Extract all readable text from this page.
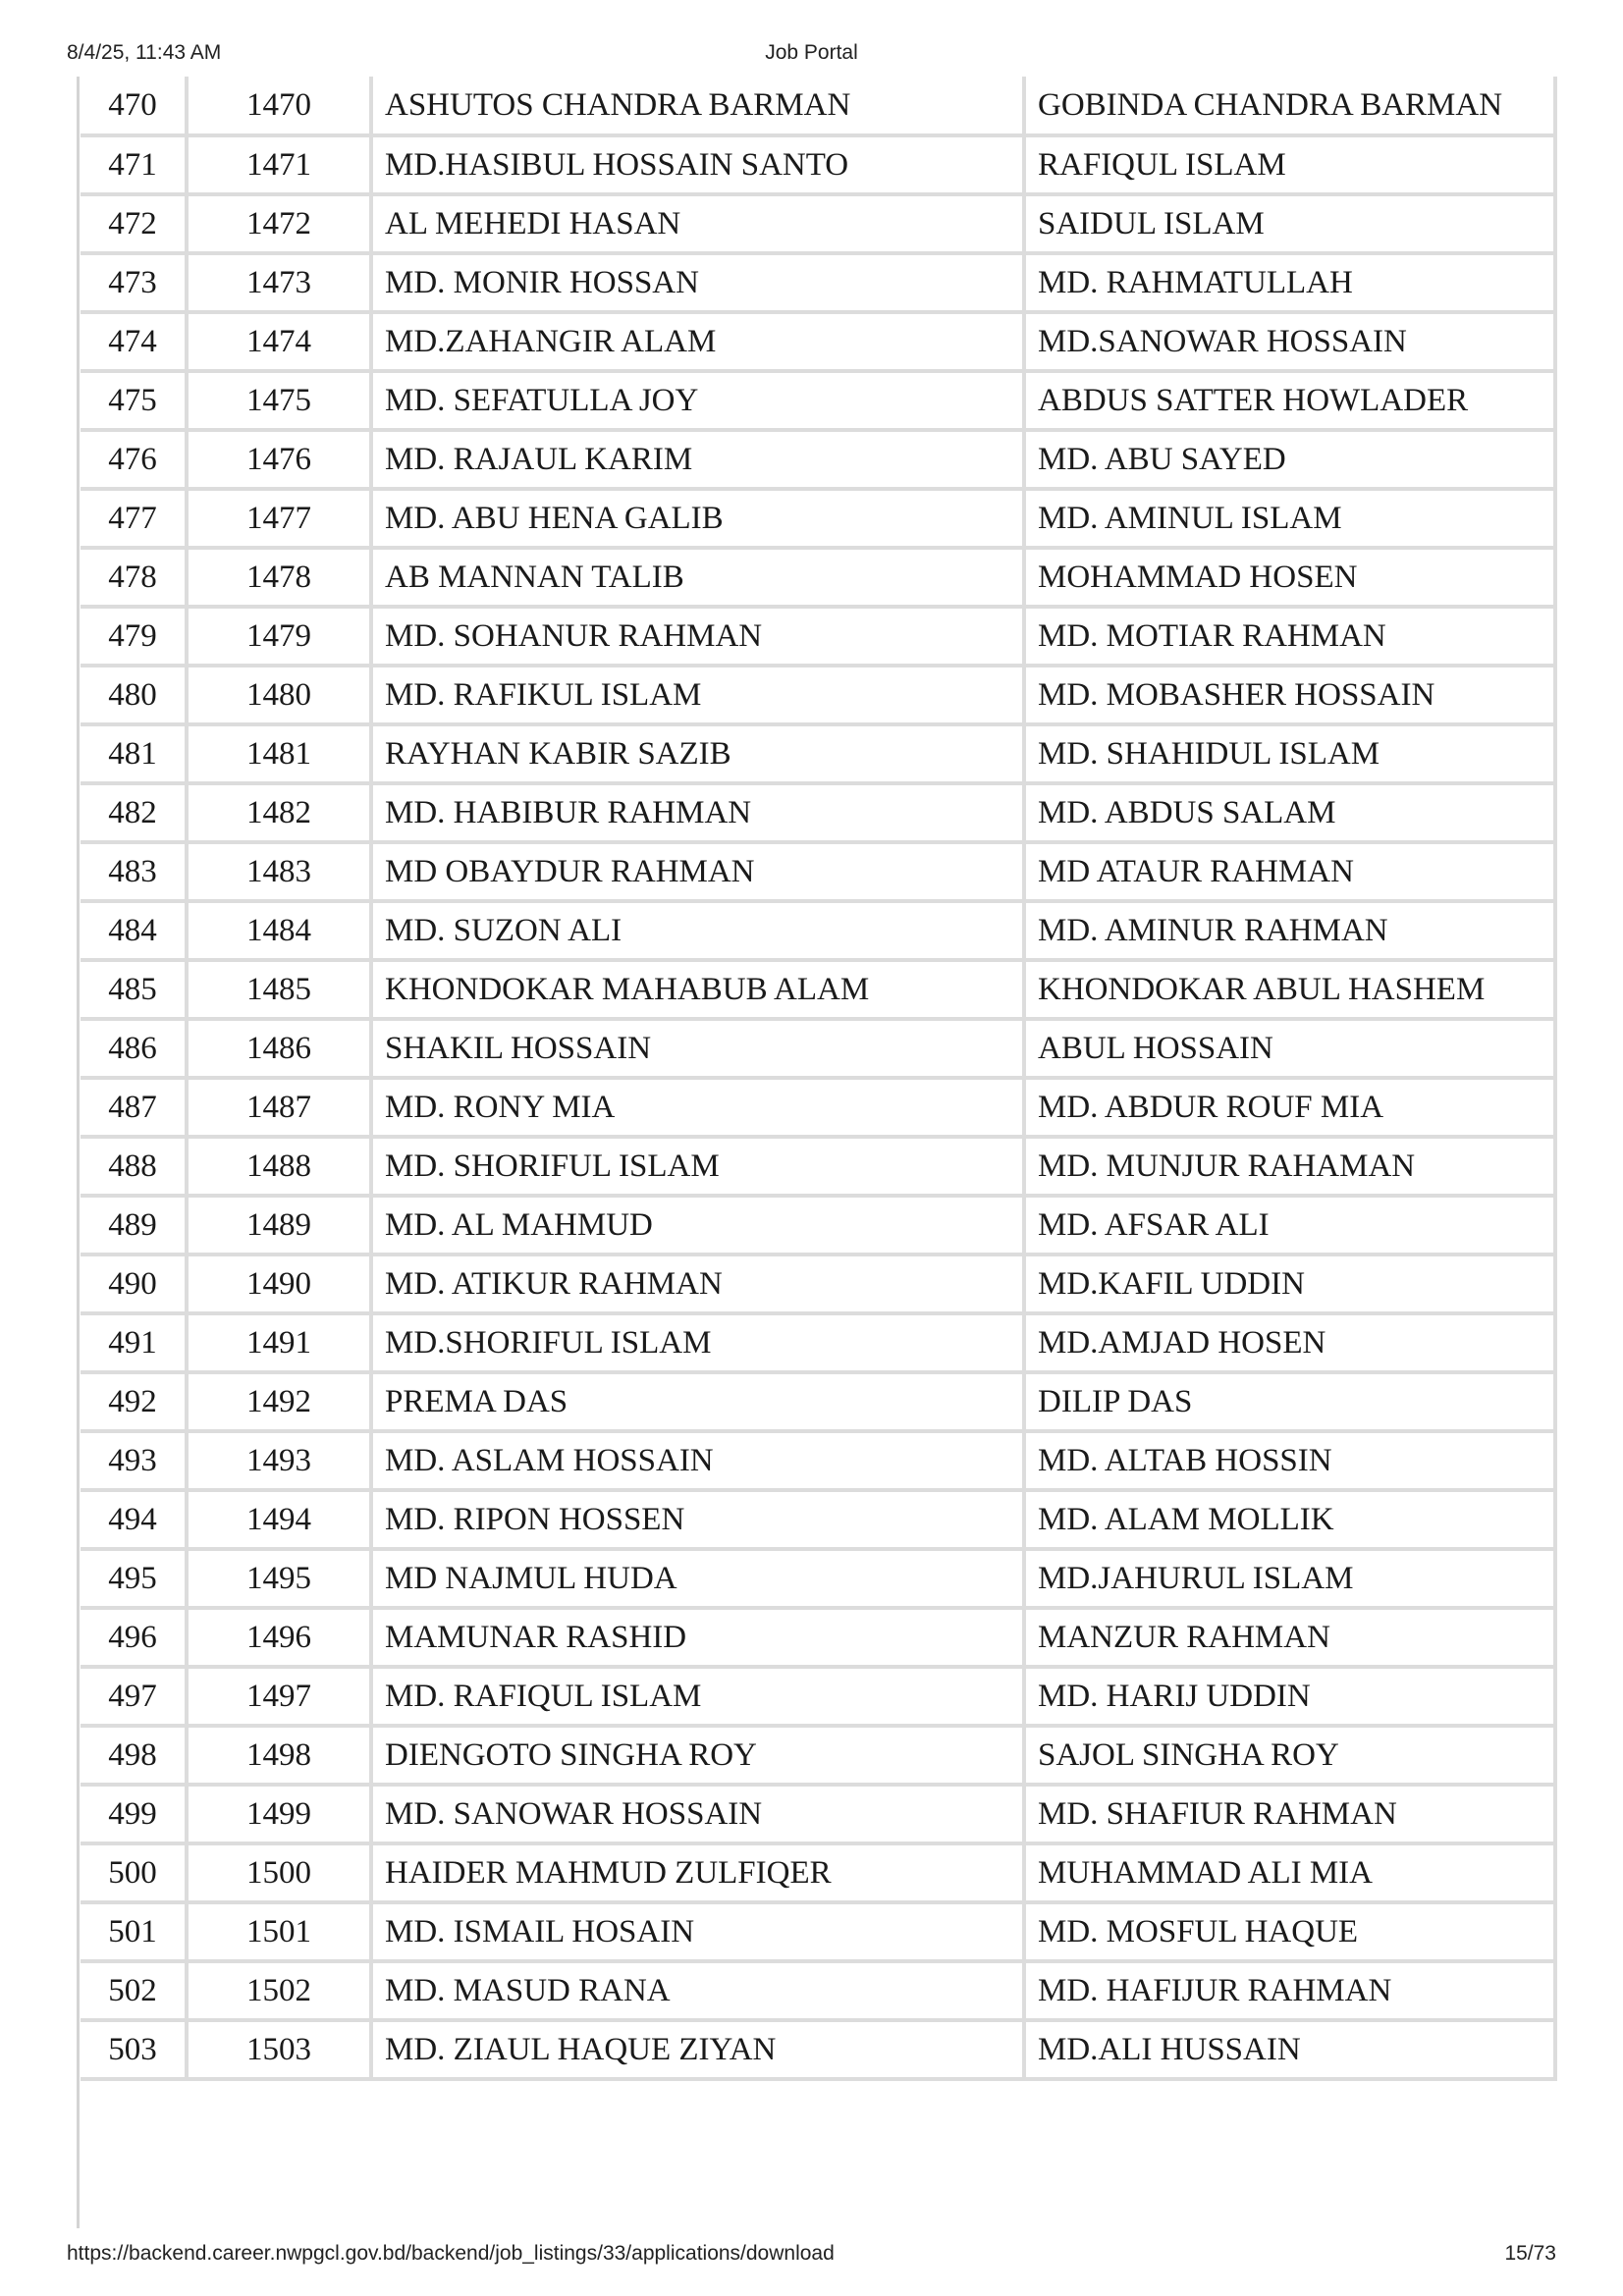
8/4/25, 11:43 AM	Job Portal
470	1470	ASHUTOS CHANDRA BARMAN	GOBINDA CHANDRA BARMAN
471	1471	MD.HASIBUL HOSSAIN SANTO	RAFIQUL ISLAM
472	1472	AL MEHEDI HASAN	SAIDUL ISLAM
473	1473	MD. MONIR HOSSAN	MD. RAHMATULLAH
474	1474	MD.ZAHANGIR ALAM	MD.SANOWAR HOSSAIN
475	1475	MD. SEFATULLA JOY	ABDUS SATTER HOWLADER
476	1476	MD. RAJAUL KARIM	MD. ABU SAYED
477	1477	MD. ABU HENA GALIB	MD. AMINUL ISLAM
478	1478	AB MANNAN TALIB	MOHAMMAD HOSEN
479	1479	MD. SOHANUR RAHMAN	MD. MOTIAR RAHMAN
480	1480	MD. RAFIKUL ISLAM	MD. MOBASHER HOSSAIN
481	1481	RAYHAN KABIR SAZIB	MD. SHAHIDUL ISLAM
482	1482	MD. HABIBUR RAHMAN	MD. ABDUS SALAM
483	1483	MD OBAYDUR RAHMAN	MD ATAUR RAHMAN
484	1484	MD. SUZON ALI	MD. AMINUR RAHMAN
485	1485	KHONDOKAR MAHABUB ALAM	KHONDOKAR ABUL HASHEM
486	1486	SHAKIL HOSSAIN	ABUL HOSSAIN
487	1487	MD. RONY MIA	MD. ABDUR ROUF MIA
488	1488	MD. SHORIFUL ISLAM	MD. MUNJUR RAHAMAN
489	1489	MD. AL MAHMUD	MD. AFSAR ALI
490	1490	MD. ATIKUR RAHMAN	MD.KAFIL UDDIN
491	1491	MD.SHORIFUL ISLAM	MD.AMJAD HOSEN
492	1492	PREMA DAS	DILIP DAS
493	1493	MD. ASLAM HOSSAIN	MD. ALTAB HOSSIN
494	1494	MD. RIPON HOSSEN	MD. ALAM MOLLIK
495	1495	MD NAJMUL HUDA	MD.JAHURUL ISLAM
496	1496	MAMUNAR RASHID	MANZUR RAHMAN
497	1497	MD. RAFIQUL ISLAM	MD. HARIJ UDDIN
498	1498	DIENGOTO SINGHA ROY	SAJOL SINGHA ROY
499	1499	MD. SANOWAR HOSSAIN	MD. SHAFIUR RAHMAN
500	1500	HAIDER MAHMUD ZULFIQER	MUHAMMAD ALI MIA
501	1501	MD. ISMAIL HOSAIN	MD. MOSFUL HAQUE
502	1502	MD. MASUD RANA	MD. HAFIJUR RAHMAN
503	1503	MD. ZIAUL HAQUE ZIYAN	MD.ALI HUSSAIN
https://backend.career.nwpgcl.gov.bd/backend/job_listings/33/applications/download	15/73
